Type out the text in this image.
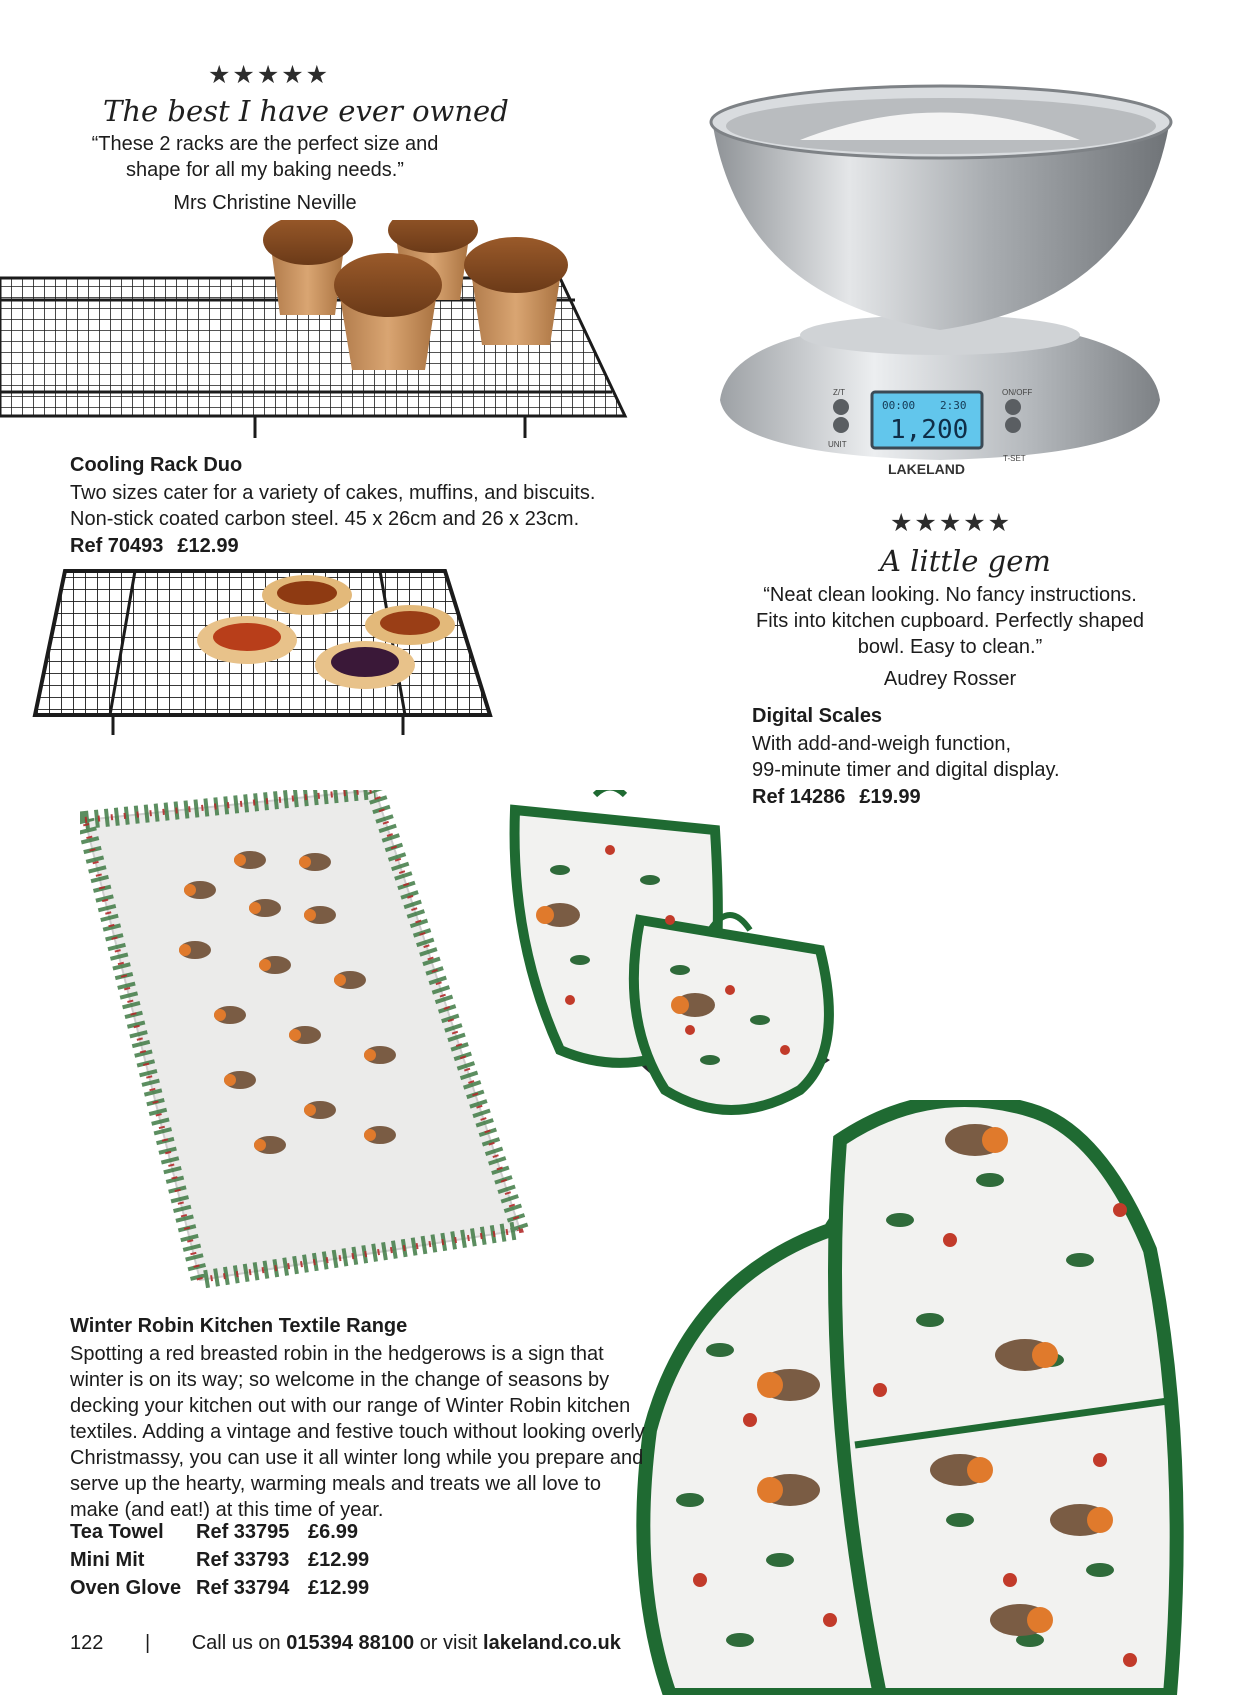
★★★★★
The best I have ever owned
“These 2 racks are the perfect size and shape for all my baking needs.”
Mrs Christine Neville
Cooling Rack Duo
Two sizes cater for a variety of cakes, muffins, and biscuits.
Non-stick coated carbon steel. 45 x 26cm and 26 x 23cm.
Ref 70493 £12.99
00:00 2:30
1,200
LAKELAND
Z/T
UNIT
ON/OFF
T-SET
★★★★★
A little gem
“Neat clean looking. No fancy instructions.
Fits into kitchen cupboard. Perfectly shaped
bowl. Easy to clean.”
Audrey Rosser
Digital Scales
With add-and-weigh function,
99-minute timer and digital display.
Ref 14286 £19.99
Winter Robin Kitchen Textile Range
Spotting a red breasted robin in the hedgerows is a sign that winter is on its way; so welcome in the change of seasons by decking your kitchen out with our range of Winter Robin kitchen textiles. Adding a vintage and festive touch without looking overly Christmassy, you can use it all winter long while you prepare and serve up the hearty, warming meals and treats we all love to make (and eat!) at this time of year.
Tea Towel	Ref 33795 £6.99
Mini Mit	Ref 33793 £12.99
Oven Glove Ref 33794 £12.99
122 | Call us on 015394 88100 or visit lakeland.co.uk
